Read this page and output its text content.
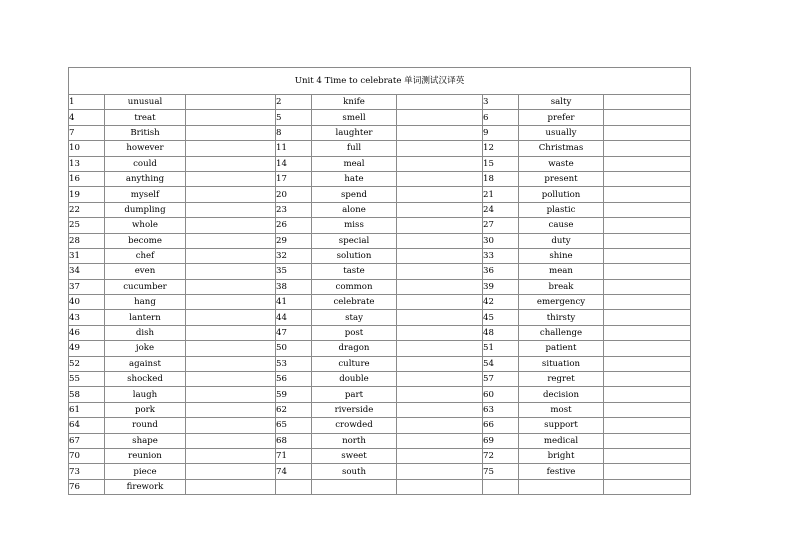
Unit 4 Time to celebrate 单词测试汉译英								
1	unusual		2	knife		3	salty	
4	treat		5	smell		6	prefer	
7	British		8	laughter		9	usually	
10	however		11	full		12	Christmas	
13	could		14	meal		15	waste	
16	anything		17	hate		18	present	
19	myself		20	spend		21	pollution	
22	dumpling		23	alone		24	plastic	
25	whole		26	miss		27	cause	
28	become		29	special		30	duty	
31	chef		32	solution		33	shine	
34	even		35	taste		36	mean	
37	cucumber		38	common		39	break	
40	hang		41	celebrate		42	emergency	
43	lantern		44	stay		45	thirsty	
46	dish		47	post		48	challenge	
49	joke		50	dragon		51	patient	
52	against		53	culture		54	situation	
55	shocked		56	double		57	regret	
58	laugh		59	part		60	decision	
61	pork		62	riverside		63	most	
64	round		65	crowded		66	support	
67	shape		68	north		69	medical	
70	reunion		71	sweet		72	bright	
73	piece		74	south		75	festive	
76	firework							
